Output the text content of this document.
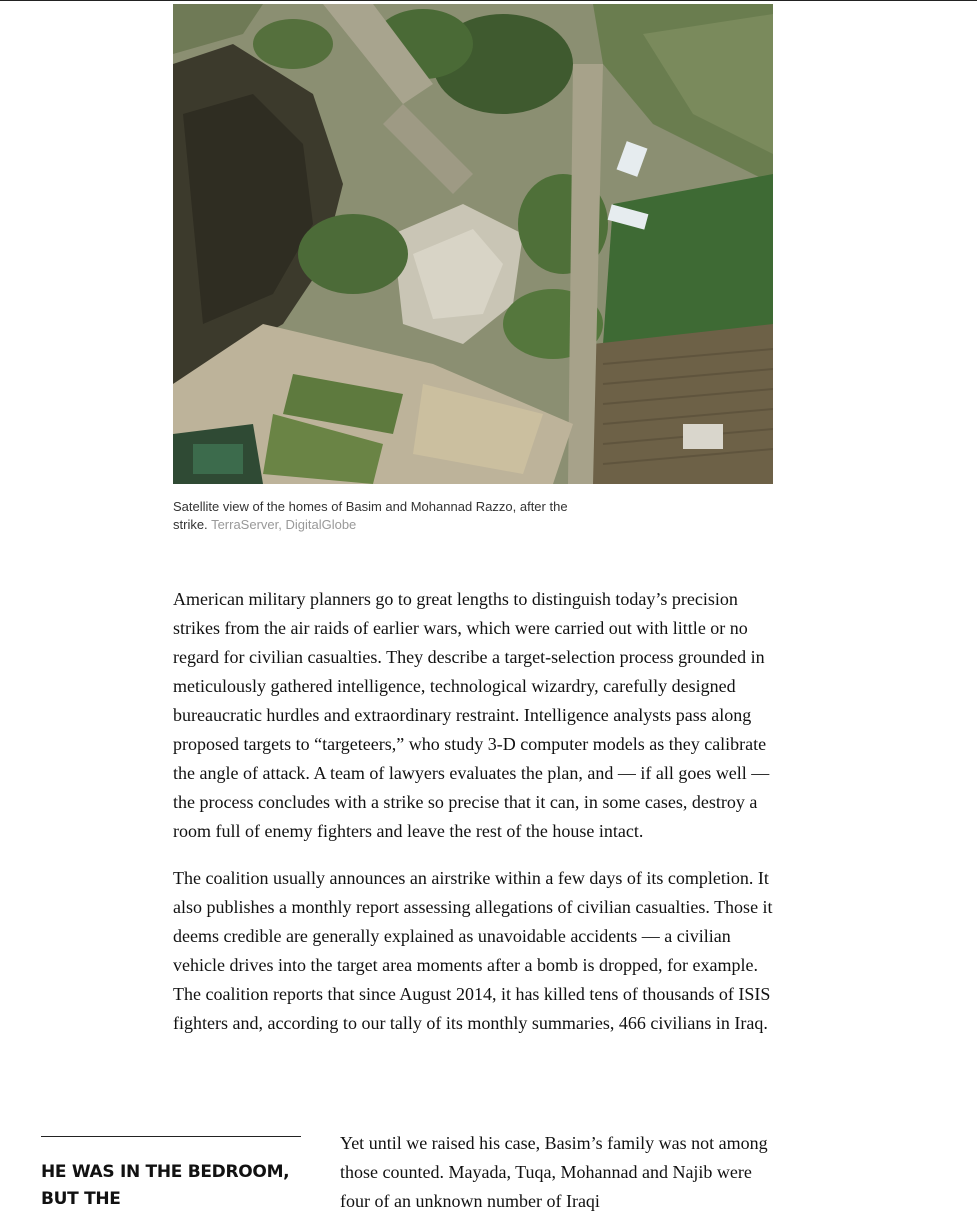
Satellite view of the homes of Basim and Mohannad Razzo, after the strike. TerraServer, DigitalGlobe

American military planners go to great lengths to distinguish today’s precision strikes from the air raids of earlier wars, which were carried out with little or no regard for civilian casualties. They describe a target-selection process grounded in meticulously gathered intelligence, technological wizardry, carefully designed bureaucratic hurdles and extraordinary restraint. Intelligence analysts pass along proposed targets to “targeteers,” who study 3-D computer models as they calibrate the angle of attack. A team of lawyers evaluates the plan, and — if all goes well — the process concludes with a strike so precise that it can, in some cases, destroy a room full of enemy fighters and leave the rest of the house intact.

The coalition usually announces an airstrike within a few days of its completion. It also publishes a monthly report assessing allegations of civilian casualties. Those it deems credible are generally explained as unavoidable accidents — a civilian vehicle drives into the target area moments after a bomb is dropped, for example. The coalition reports that since August 2014, it has killed tens of thousands of ISIS fighters and, according to our tally of its monthly summaries, 466 civilians in Iraq.

HE WAS IN THE BEDROOM, BUT THE

Yet until we raised his case, Basim’s family was not among those counted. Mayada, Tuqa, Mohannad and Najib were four of an unknown number of Iraqi
